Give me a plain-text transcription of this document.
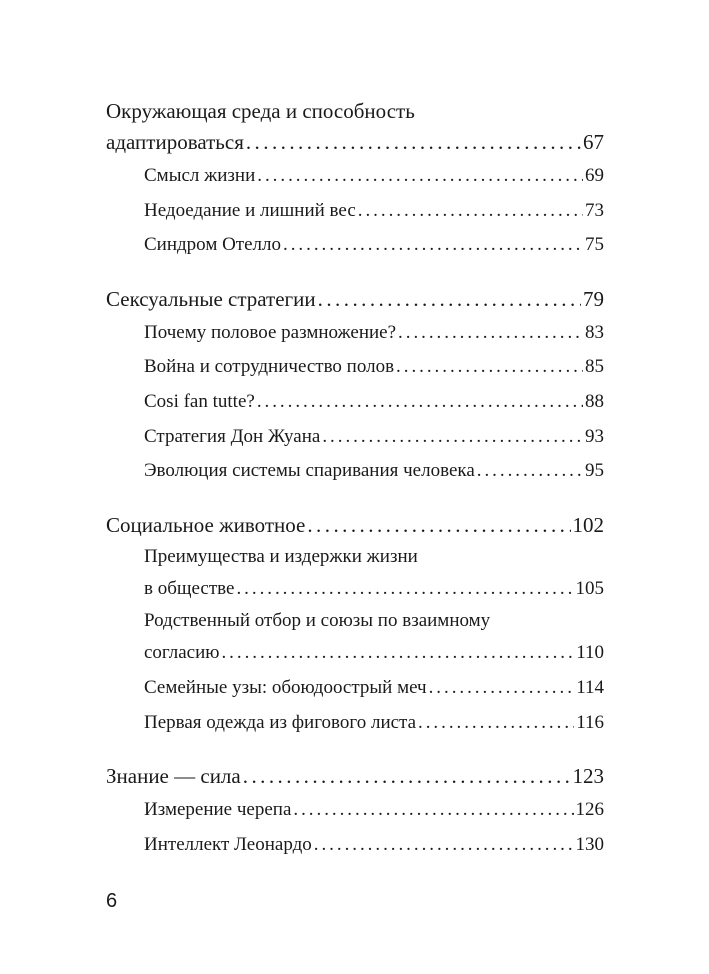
Окружающая среда и способность
адаптироваться . . .	67
Смысл жизни . . .	69
Недоедание и лишний вес . . .	73
Синдром Отелло . . .	75
Сексуальные стратегии . . .	79
Почему половое размножение? . . .	83
Война и сотрудничество полов . . .	85
Cosi fan tutte? . . .	88
Стратегия Дон Жуана . . .	93
Эволюция системы спаривания человека . . .	95
Социальное животное . . .	102
Преимущества и издержки жизни
в обществе . . .	105
Родственный отбор и союзы по взаимному
согласию . . .	110
Семейные узы: обоюдоострый меч . . .	114
Первая одежда из фигового листа . . .	116
Знание — сила . . .	123
Измерение черепа . . .	126
Интеллект Леонардо . . .	130
6
